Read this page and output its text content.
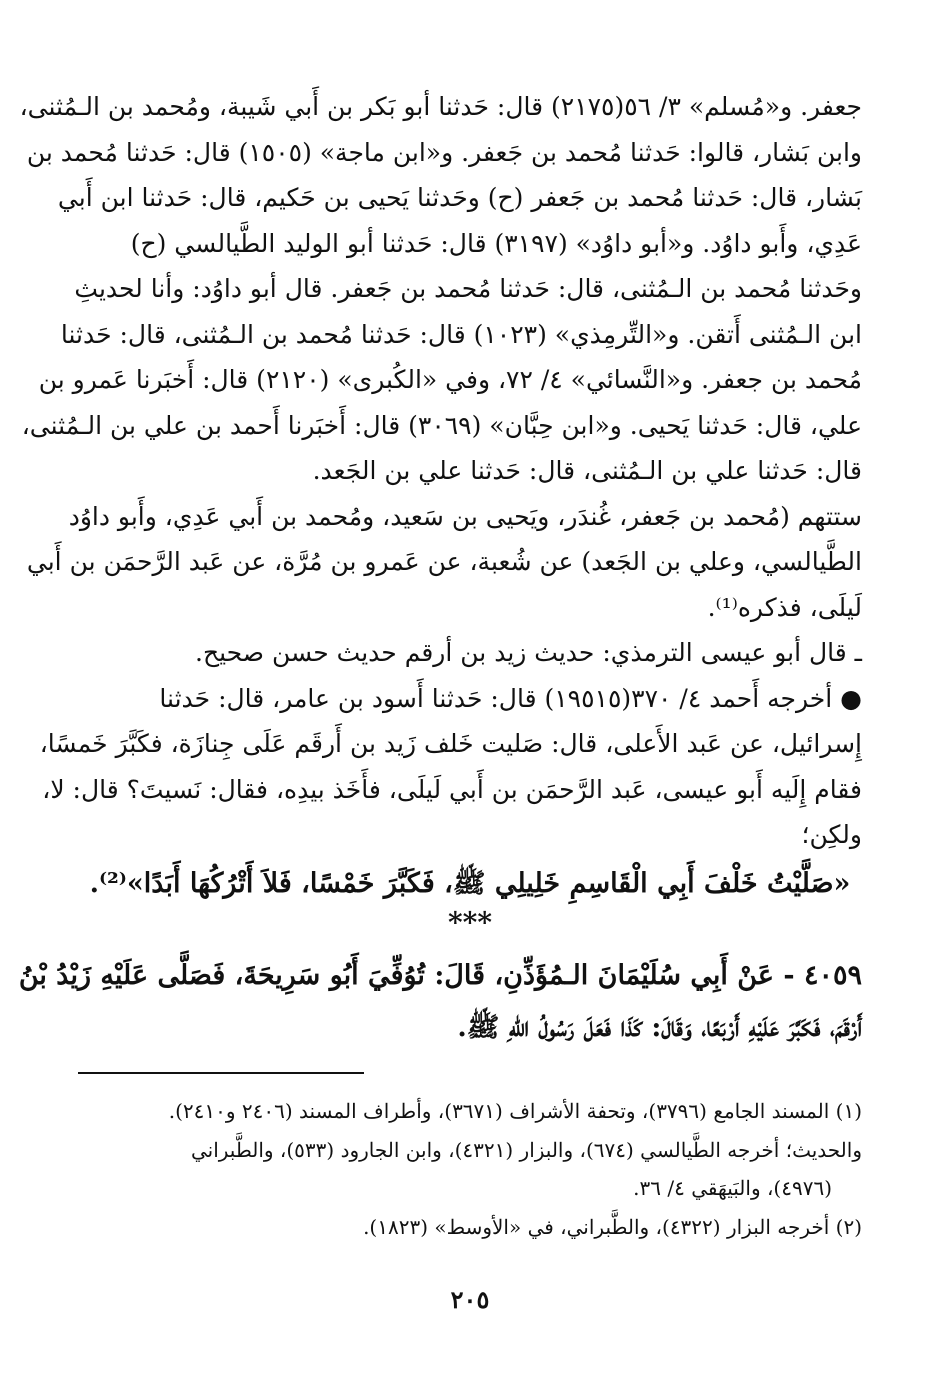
جعفر. و«مُسلم» ٣/ ٥٦(٢١٧٥) قال: حَدثنا أبو بَكر بن أَبي شَيبة، ومُحمد بن الـمُثنى،
وابن بَشار، قالوا: حَدثنا مُحمد بن جَعفر. و«ابن ماجة» (١٥٠٥) قال: حَدثنا مُحمد بن
بَشار، قال: حَدثنا مُحمد بن جَعفر (ح) وحَدثنا يَحيى بن حَكيم، قال: حَدثنا ابن أَبي
عَدِي، وأَبو داوُد. و«أبو داوُد» (٣١٩٧) قال: حَدثنا أبو الوليد الطَّيالسي (ح)
وحَدثنا مُحمد بن الـمُثنى، قال: حَدثنا مُحمد بن جَعفر. قال أبو داوُد: وأنا لحديثِ
ابن الـمُثنى أَتقن. و«التِّرمِذي» (١٠٢٣) قال: حَدثنا مُحمد بن الـمُثنى، قال: حَدثنا
مُحمد بن جعفر. و«النَّسائي» ٤/ ٧٢، وفي «الكُبرى» (٢١٢٠) قال: أَخبَرنا عَمرو بن
علي، قال: حَدثنا يَحيى. و«ابن حِبَّان» (٣٠٦٩) قال: أَخبَرنا أَحمد بن علي بن الـمُثنى،
قال: حَدثنا علي بن الـمُثنى، قال: حَدثنا علي بن الجَعد.
ستتهم (مُحمد بن جَعفر، غُندَر، ويَحيى بن سَعيد، ومُحمد بن أَبي عَدِي، وأَبو داوُد
الطَّيالسي، وعلي بن الجَعد) عن شُعبة، عن عَمرو بن مُرَّة، عن عَبد الرَّحمَن بن أَبي
لَيلَى، فذكره⁽¹⁾.
ـ قال أبو عيسى الترمذي: حديث زيد بن أرقم حديث حسن صحيح.
●أخرجه أَحمد ٤/ ٣٧٠(١٩٥١٥) قال: حَدثنا أَسود بن عامر، قال: حَدثنا
إِسرائيل، عن عَبد الأَعلى، قال: صَليت خَلف زَيد بن أَرقَم عَلَى جِنازَة، فكَبَّرَ خَمسًا،
فقام إِلَيه أَبو عيسى، عَبد الرَّحمَن بن أَبي لَيلَى، فأَخَذ بيدِه، فقال: نَسيتَ؟ قال: لا،
ولكِن؛
«صَلَّيْتُ خَلْفَ أَبِي الْقَاسِمِ خَلِيلِي ﷺ، فَكَبَّرَ خَمْسًا، فَلاَ أَتْرُكُهَا أَبَدًا»⁽²⁾.
***
٤٠٥٩ - عَنْ أَبِي سُلَيْمَانَ الـمُؤَذِّنِ، قَالَ: تُوُفِّيَ أَبُو سَرِيحَةَ، فَصَلَّى عَلَيْهِ زَيْدُ بْنُ
أَرْقَمَ، فَكَبَّرَ عَلَيْهِ أَرْبَعًا، وَقَالَ: كَذَا فَعَلَ رَسُولُ اللهِ ﷺ.

(١) المسند الجامع (٣٧٩٦)، وتحفة الأشراف (٣٦٧١)، وأطراف المسند (٢٤٠٦ و٢٤١٠).

والحديث؛ أخرجه الطَّيالسي (٦٧٤)، والبزار (٤٣٢١)، وابن الجارود (٥٣٣)، والطَّبراني

(٤٩٧٦)، والبَيهَقي ٤/ ٣٦.

(٢) أخرجه البزار (٤٣٢٢)، والطَّبراني، في «الأوسط» (١٨٢٣).

٢٠٥
